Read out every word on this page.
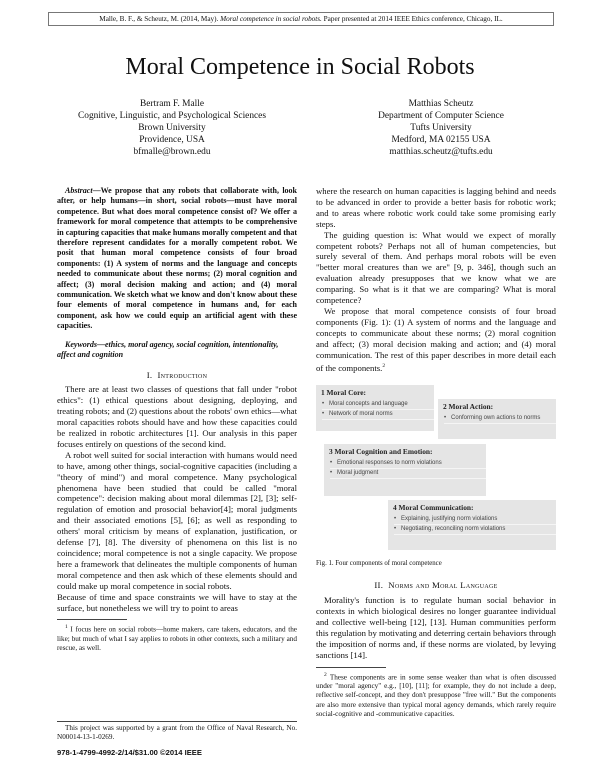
Malle, B. F., & Scheutz, M. (2014, May). Moral competence in social robots. Paper presented at 2014 IEEE Ethics conference, Chicago, IL.
Moral Competence in Social Robots
Bertram F. Malle
Cognitive, Linguistic, and Psychological Sciences
Brown University
Providence, USA
bfmalle@brown.edu
Matthias Scheutz
Department of Computer Science
Tufts University
Medford, MA 02155 USA
matthias.scheutz@tufts.edu
Abstract—We propose that any robots that collaborate with, look after, or help humans—in short, social robots—must have moral competence. But what does moral competence consist of? We offer a framework for moral competence that attempts to be comprehensive in capturing capacities that make humans morally competent and that therefore represent candidates for a morally competent robot. We posit that human moral competence consists of four broad components: (1) A system of norms and the language and concepts needed to communicate about these norms; (2) moral cognition and affect; (3) moral decision making and action; and (4) moral communication. We sketch what we know and don't know about these four elements of moral competence in humans and, for each component, ask how we could equip an artificial agent with these capacities.
Keywords—ethics, moral agency, social cognition, intentionality, affect and cognition
I. Introduction

There are at least two classes of questions that fall under "robot ethics": (1) ethical questions about designing, deploying, and treating robots; and (2) questions about the robots' own ethics—what moral capacities robots should have and how these capacities could be realized in robotic architectures [1]. Our analysis in this paper focuses entirely on questions of the second kind.

A robot well suited for social interaction with humans would need to have, among other things, social-cognitive capacities (including a "theory of mind") and moral competence. Many psychological phenomena have been studied that could be called "moral competence": decision making about moral dilemmas [2], [3]; self-regulation of emotion and prosocial behavior[4]; moral judgments and their associated emotions [5], [6]; as well as responding to others' moral criticism by means of explanation, justification, or defense [7], [8]. The diversity of phenomena on this list is no coincidence; moral competence is not a single capacity. We propose here a framework that delineates the multiple components of human moral competence and then ask which of these elements should and could make up moral competence in social robots.

Because of time and space constraints we will have to stay at the surface, but nonetheless we will try to point to areas

$^1$ I focus here on social robots—home makers, care takers, educators, and the like; but much of what I say applies to robots in other contexts, such a military and rescue, as well.
This project was supported by a grant from the Office of Naval Research, No. N00014-13-1-0269.
978-1-4799-4992-2/14/$31.00 ©2014 IEEE

where the research on human capacities is lagging behind and needs to be advanced in order to provide a better basis for robotic work; and to areas where robotic work could take some promising early steps.

The guiding question is: What would we expect of morally competent robots? Perhaps not all of human competencies, but surely several of them. And perhaps moral robots will be even "better moral creatures than we are" [9, p. 346], though such an evaluation already presupposes that we know what we are comparing. So what is it that we are comparing? What is moral competence?

We propose that moral competence consists of four broad components (Fig. 1): (1) A system of norms and the language and concepts to communicate about these norms; (2) moral cognition and affect; (3) moral decision making and action; and (4) moral communication. The rest of this paper describes in more detail each of the components.$^2$

1 Moral Core:
• Moral concepts and language
• Network of moral norms
2 Moral Action:
• Conforming own actions to norms
3 Moral Cognition and Emotion:
• Emotional responses to norm violations
• Moral judgment
4 Moral Communication:
• Explaining, justifying norm violations
• Negotiating, reconciling norm violations
Fig. 1. Four components of moral competence
II. Norms and Moral Language

Morality's function is to regulate human social behavior in contexts in which biological desires no longer guarantee individual and collective well-being [12], [13]. Human communities perform this regulation by motivating and deterring certain behaviors through the imposition of norms and, if these norms are violated, by levying sanctions [14].

$^2$ These components are in some sense weaker than what is often discussed under "moral agency" e.g., [10], [11]; for example, they do not include a deep, reflective self-concept, and they don't presuppose "free will." But the components are also more extensive than typical moral agency demands, which rarely require social-cognitive and -communicative capacities.
